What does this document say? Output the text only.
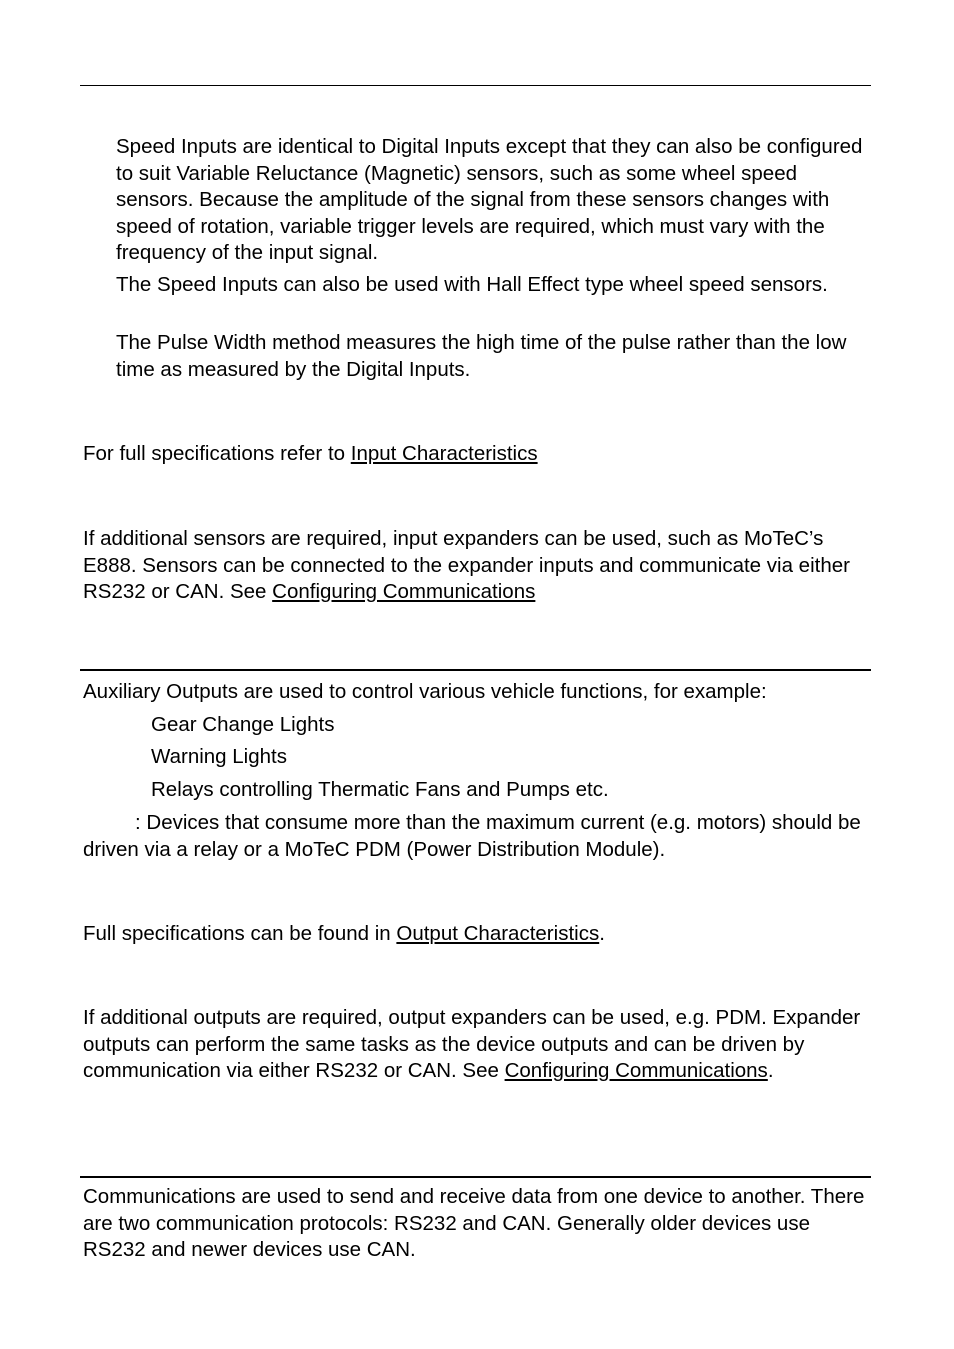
Speed Inputs are identical to Digital Inputs except that they can also be configured to suit Variable Reluctance (Magnetic) sensors, such as some wheel speed sensors. Because the amplitude of the signal from these sensors changes with speed of rotation, variable trigger levels are required, which must vary with the frequency of the input signal.

The Speed Inputs can also be used with Hall Effect type wheel speed sensors.

The Pulse Width method measures the high time of the pulse rather than the low time as measured by the Digital Inputs.

For full specifications refer to Input Characteristics

If additional sensors are required, input expanders can be used, such as MoTeC’s E888. Sensors can be connected to the expander inputs and communicate via either RS232 or CAN. See Configuring Communications

Auxiliary Outputs are used to control various vehicle functions, for example:

Gear Change Lights

Warning Lights

Relays controlling Thermatic Fans and Pumps etc.

: Devices that consume more than the maximum current (e.g. motors) should be driven via a relay or a MoTeC PDM (Power Distribution Module).

Full specifications can be found in Output Characteristics.

If additional outputs are required, output expanders can be used, e.g. PDM. Expander outputs can perform the same tasks as the device outputs and can be driven by communication via either RS232 or CAN. See Configuring Communications.

Communications are used to send and receive data from one device to another. There are two communication protocols: RS232 and CAN. Generally older devices use RS232 and newer devices use CAN.
